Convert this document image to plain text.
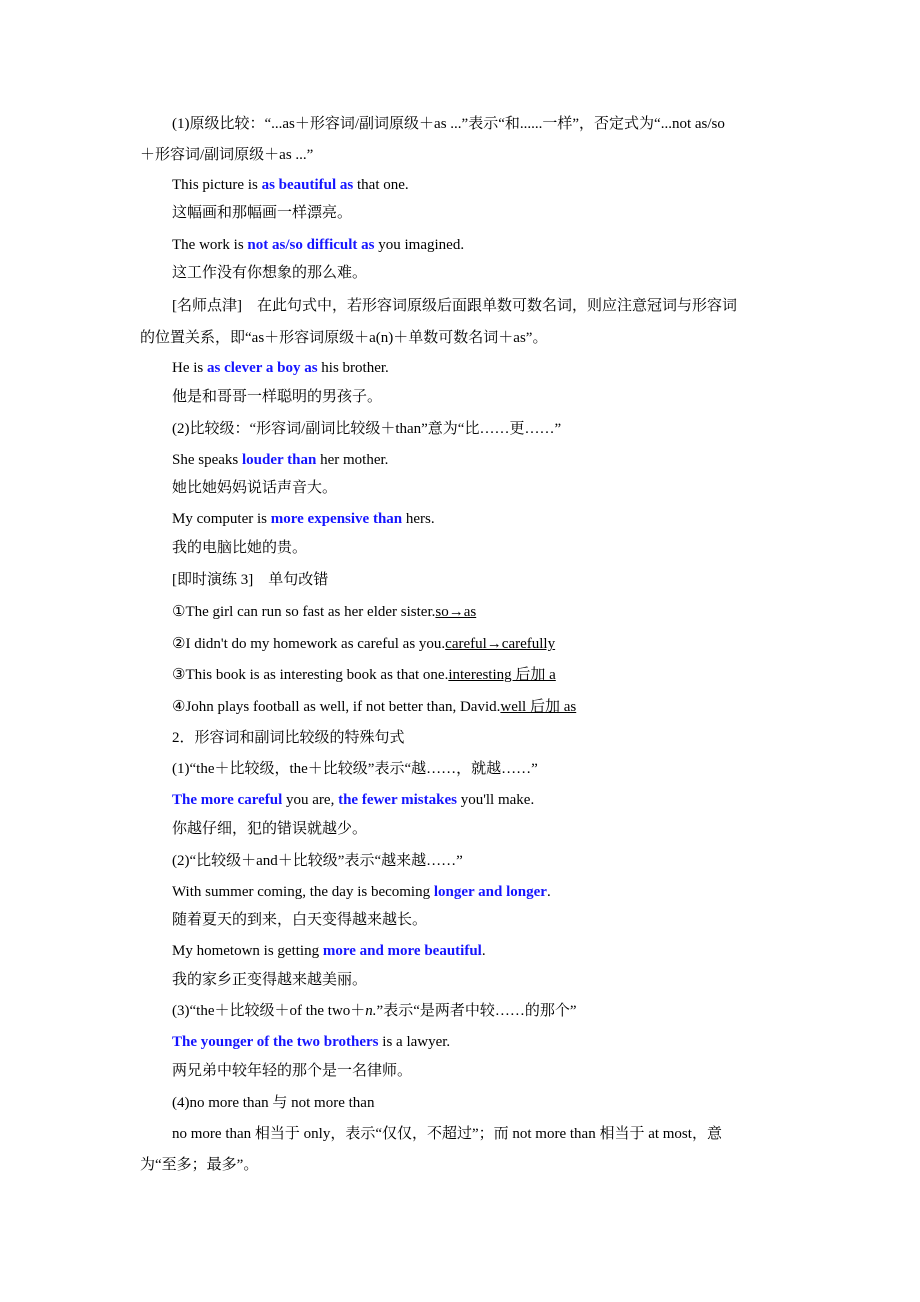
(1)原级比较：“...as＋形容词/副词原级＋as ...”表示“和......一样”，否定式为“...not as/so
＋形容词/副词原级＋as ...”
This picture is as beautiful as that one.
这幅画和那幅画一样漂亮。
The work is not as/so difficult as you imagined.
这工作没有你想象的那么难。
[名师点津]　在此句式中，若形容词原级后面跟单数可数名词，则应注意冠词与形容词
的位置关系，即“as＋形容词原级＋a(n)＋单数可数名词＋as”。
He is as clever a boy as his brother.
他是和哥哥一样聪明的男孩子。
(2)比较级：“形容词/副词比较级＋than”意为“比……更……”
She speaks louder than her mother.
她比她妈妈说话声音大。
My computer is more expensive than hers.
我的电脑比她的贵。
[即时演练 3]　单句改错
①The girl can run so fast as her elder sister.so→as
②I didn't do my homework as careful as you.careful→carefully
③This book is as interesting book as that one.interesting 后加 a
④John plays football as well, if not better than, David.well 后加 as
2．形容词和副词比较级的特殊句式
(1)“the＋比较级，the＋比较级”表示“越……，就越……”
The more careful you are, the fewer mistakes you'll make.
你越仔细，犯的错误就越少。
(2)“比较级＋and＋比较级”表示“越来越……”
With summer coming, the day is becoming longer and longer.
随着夏天的到来，白天变得越来越长。
My hometown is getting more and more beautiful.
我的家乡正变得越来越美丽。
(3)“the＋比较级＋of the two＋n.”表示“是两者中较……的那个”
The younger of the two brothers is a lawyer.
两兄弟中较年轻的那个是一名律师。
(4)no more than 与 not more than
no more than 相当于 only，表示“仅仅，不超过”；而 not more than 相当于 at most，意
为“至多；最多”。
